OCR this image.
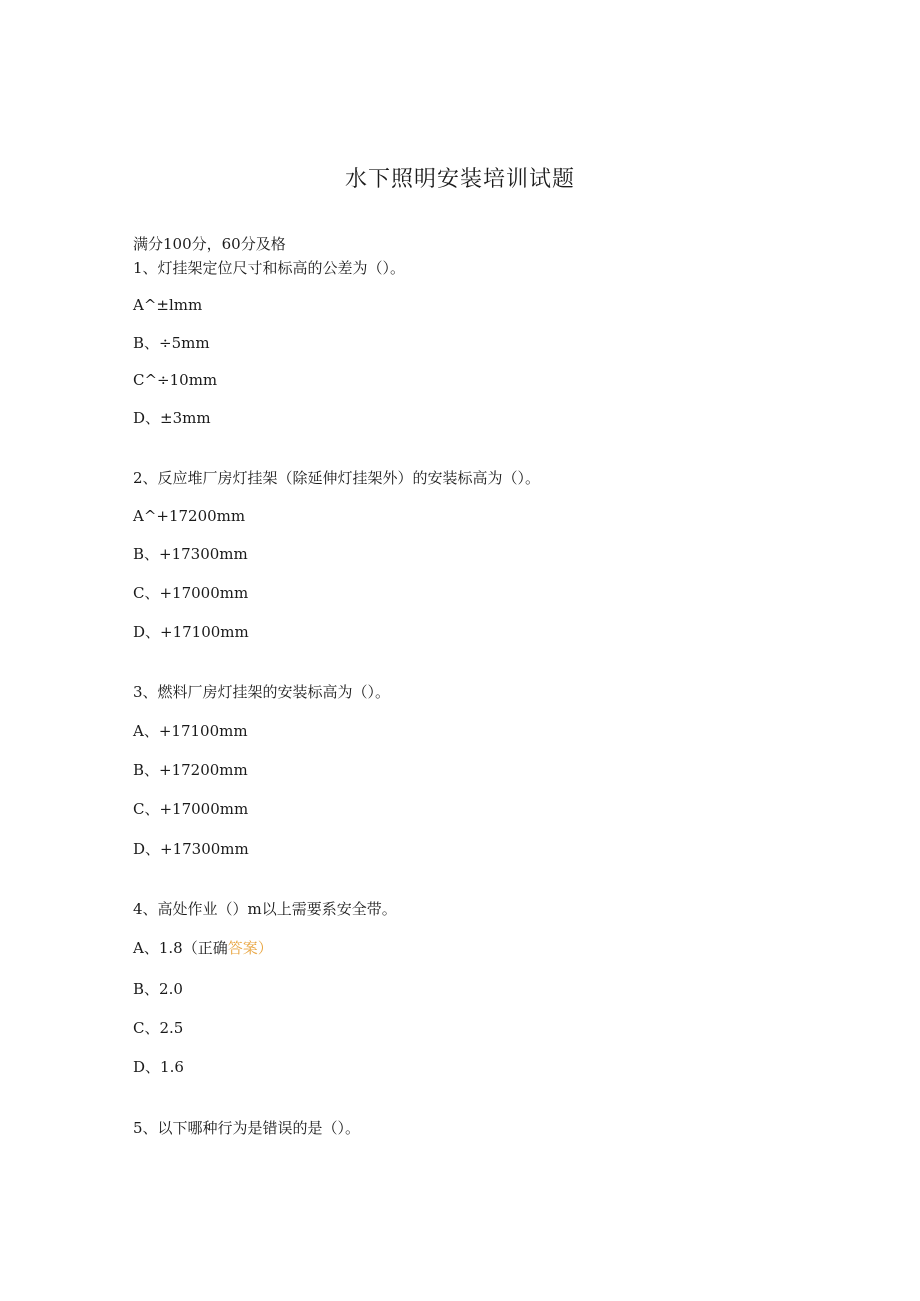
水下照明安装培训试题
满分100分，60分及格
1、灯挂架定位尺寸和标高的公差为（）。
A^±lmm
B、÷5mm
C^÷10mm
D、±3mm
2、反应堆厂房灯挂架（除延伸灯挂架外）的安装标高为（）。
A^+17200mm
B、+17300mm
C、+17000mm
D、+17100mm
3、燃料厂房灯挂架的安装标高为（）。
A、+17100mm
B、+17200mm
C、+17000mm
D、+17300mm
4、高处作业（）m以上需要系安全带。
A、1.8（正确答案）
B、2.0
C、2.5
D、1.6
5、以下哪种行为是错误的是（）。
